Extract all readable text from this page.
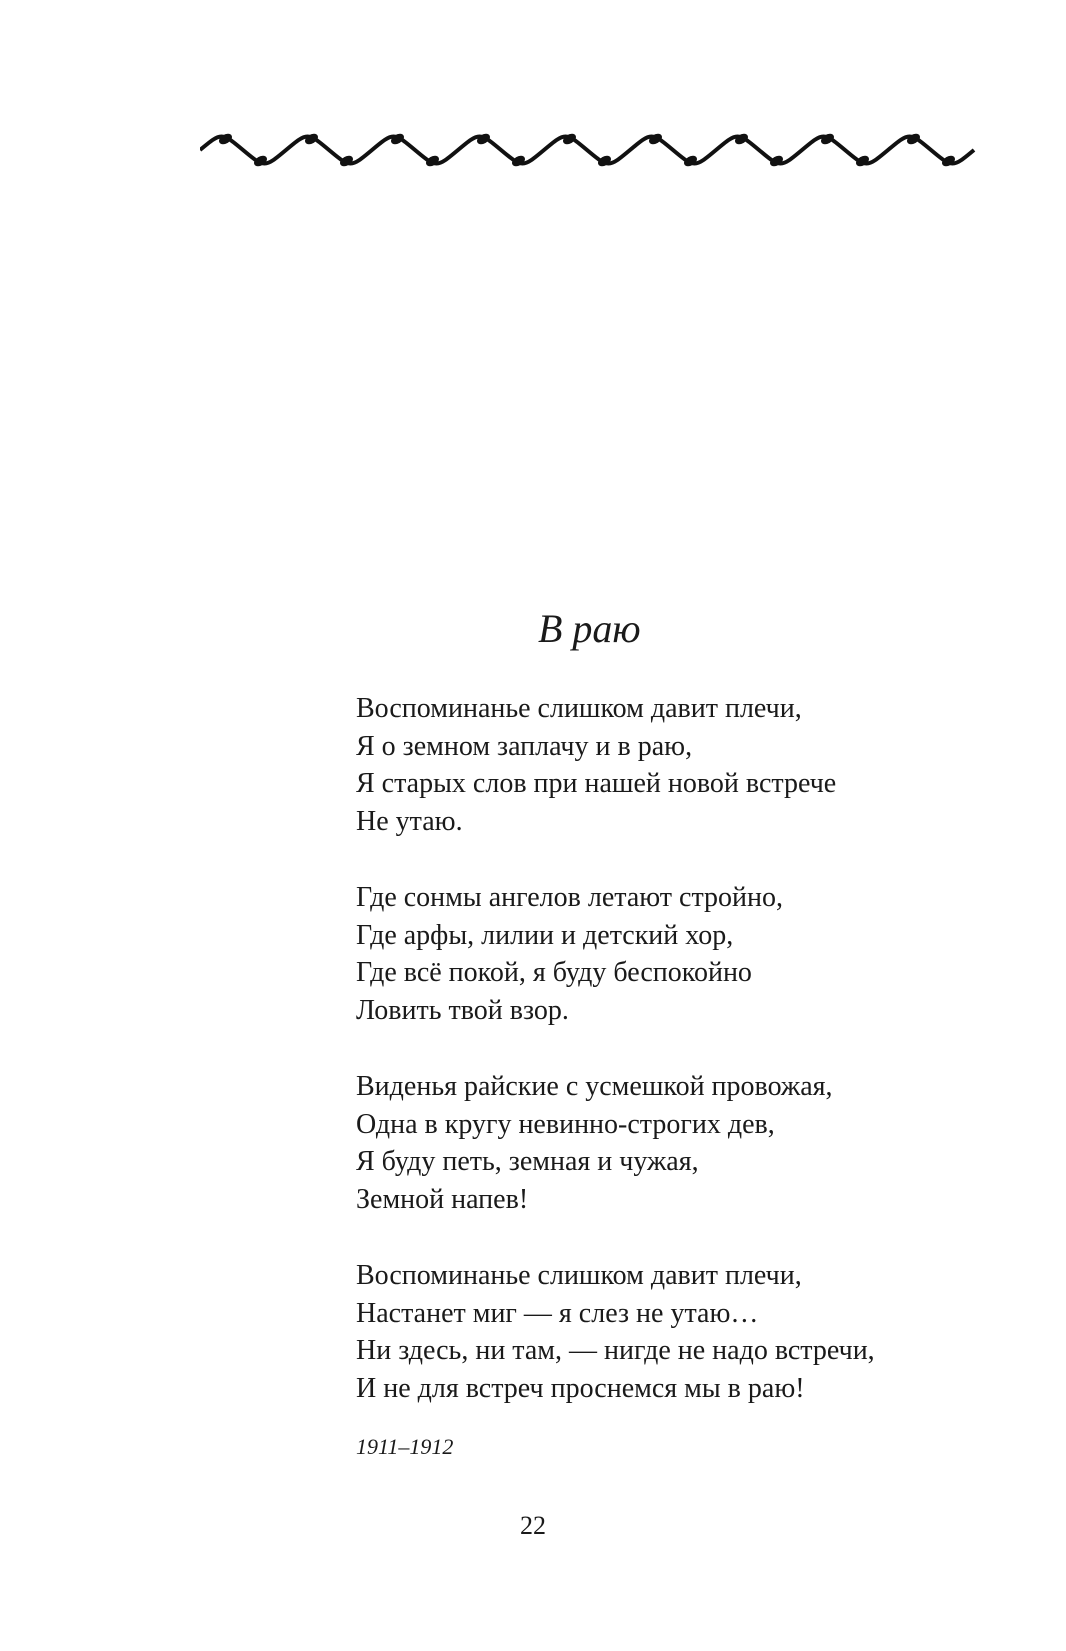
В раю
Воспоминанье слишком давит плечи,
Я о земном заплачу и в раю,
Я старых слов при нашей новой встрече
Не утаю.
Где сонмы ангелов летают стройно,
Где арфы, лилии и детский хор,
Где всё покой, я буду беспокойно
Ловить твой взор.
Виденья райские с усмешкой провожая,
Одна в кругу невинно-строгих дев,
Я буду петь, земная и чужая,
Земной напев!
Воспоминанье слишком давит плечи,
Настанет миг — я слез не утаю…
Ни здесь, ни там, — нигде не надо встречи,
И не для встреч проснемся мы в раю!
1911–1912
22
